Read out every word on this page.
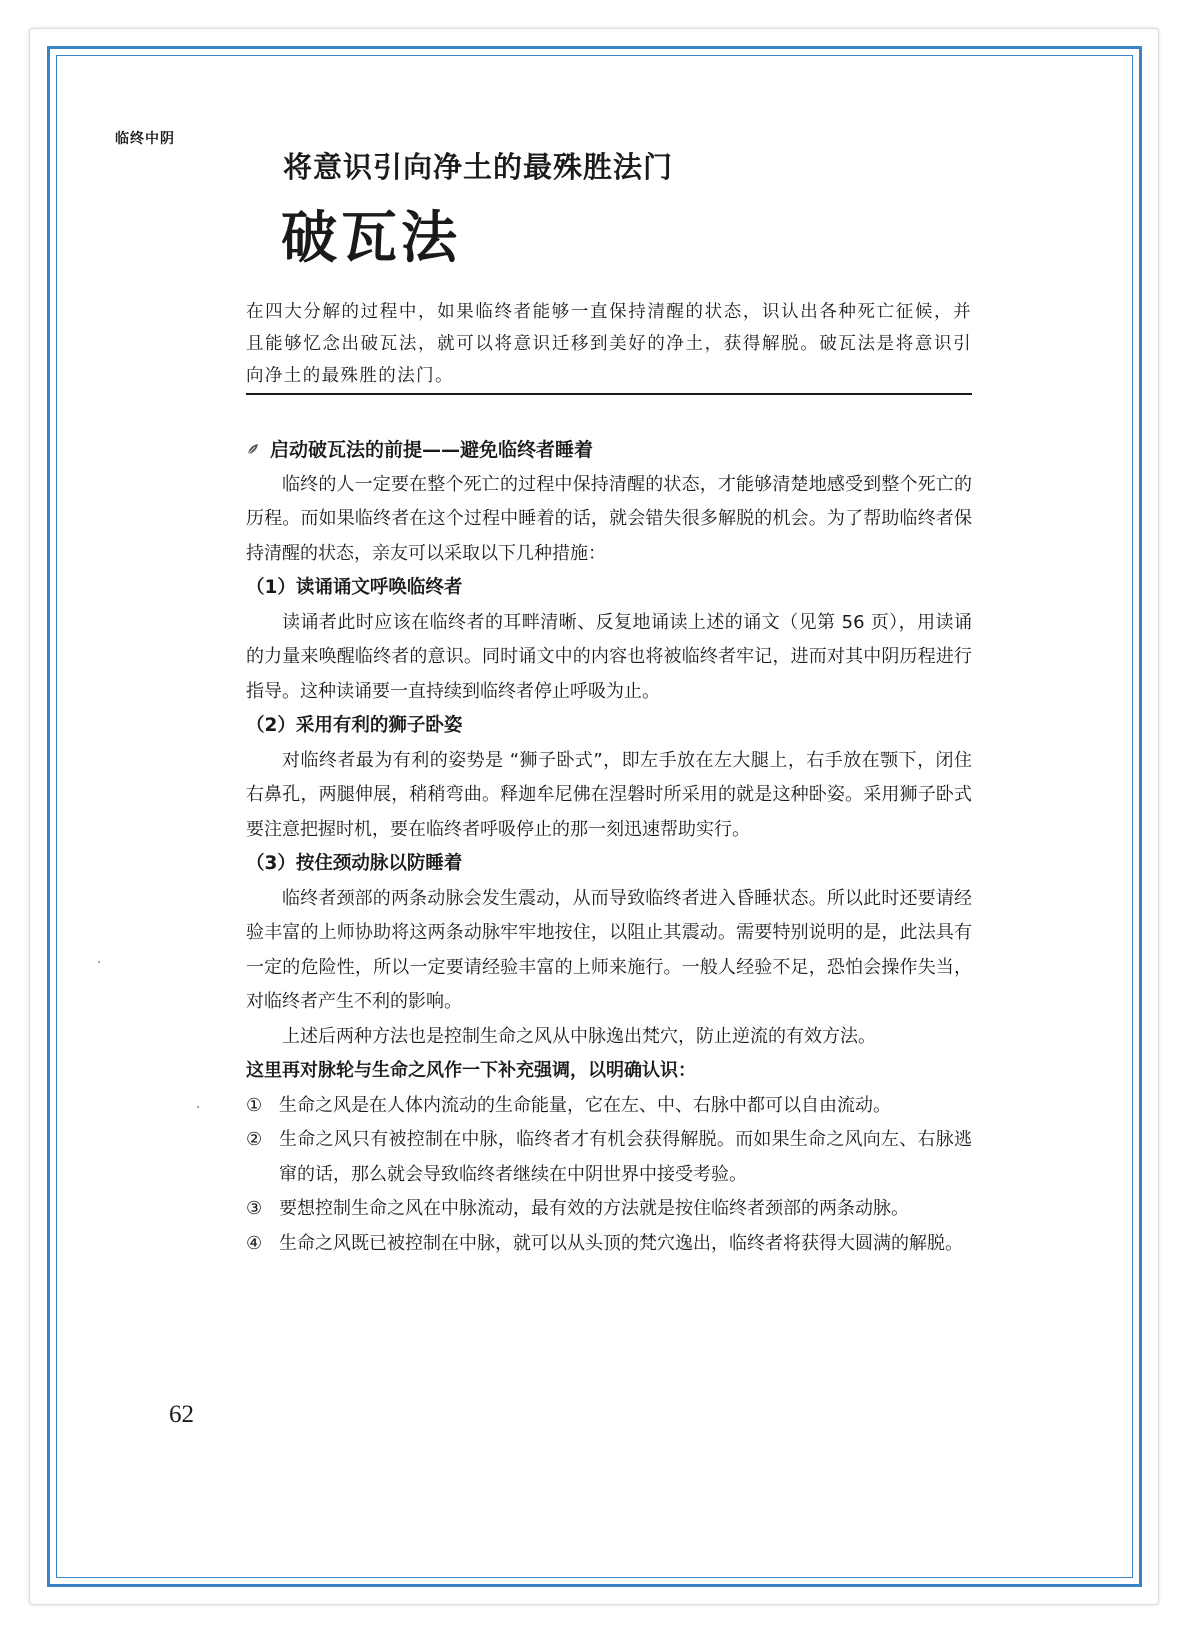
临终中阴
将意识引向净土的最殊胜法门
破瓦法
在四大分解的过程中，如果临终者能够一直保持清醒的状态，识认出各种死亡征候，并且能够忆念出破瓦法，就可以将意识迁移到美好的净土，获得解脱。破瓦法是将意识引向净土的最殊胜的法门。
启动破瓦法的前提——避免临终者睡着

临终的人一定要在整个死亡的过程中保持清醒的状态，才能够清楚地感受到整个死亡的历程。而如果临终者在这个过程中睡着的话，就会错失很多解脱的机会。为了帮助临终者保持清醒的状态，亲友可以采取以下几种措施：

（1）读诵诵文呼唤临终者

读诵者此时应该在临终者的耳畔清晰、反复地诵读上述的诵文（见第 56 页），用读诵的力量来唤醒临终者的意识。同时诵文中的内容也将被临终者牢记，进而对其中阴历程进行指导。这种读诵要一直持续到临终者停止呼吸为止。

（2）采用有利的狮子卧姿

对临终者最为有利的姿势是 “狮子卧式”，即左手放在左大腿上，右手放在颚下，闭住右鼻孔，两腿伸展，稍稍弯曲。释迦牟尼佛在涅磐时所采用的就是这种卧姿。采用狮子卧式要注意把握时机，要在临终者呼吸停止的那一刻迅速帮助实行。

（3）按住颈动脉以防睡着

临终者颈部的两条动脉会发生震动，从而导致临终者进入昏睡状态。所以此时还要请经验丰富的上师协助将这两条动脉牢牢地按住，以阻止其震动。需要特别说明的是，此法具有一定的危险性，所以一定要请经验丰富的上师来施行。一般人经验不足，恐怕会操作失当，对临终者产生不利的影响。

上述后两种方法也是控制生命之风从中脉逸出梵穴，防止逆流的有效方法。

这里再对脉轮与生命之风作一下补充强调，以明确认识：

① 生命之风是在人体内流动的生命能量，它在左、中、右脉中都可以自由流动。
② 生命之风只有被控制在中脉，临终者才有机会获得解脱。而如果生命之风向左、右脉逃窜的话，那么就会导致临终者继续在中阴世界中接受考验。
③ 要想控制生命之风在中脉流动，最有效的方法就是按住临终者颈部的两条动脉。
④ 生命之风既已被控制在中脉，就可以从头顶的梵穴逸出，临终者将获得大圆满的解脱。
62
